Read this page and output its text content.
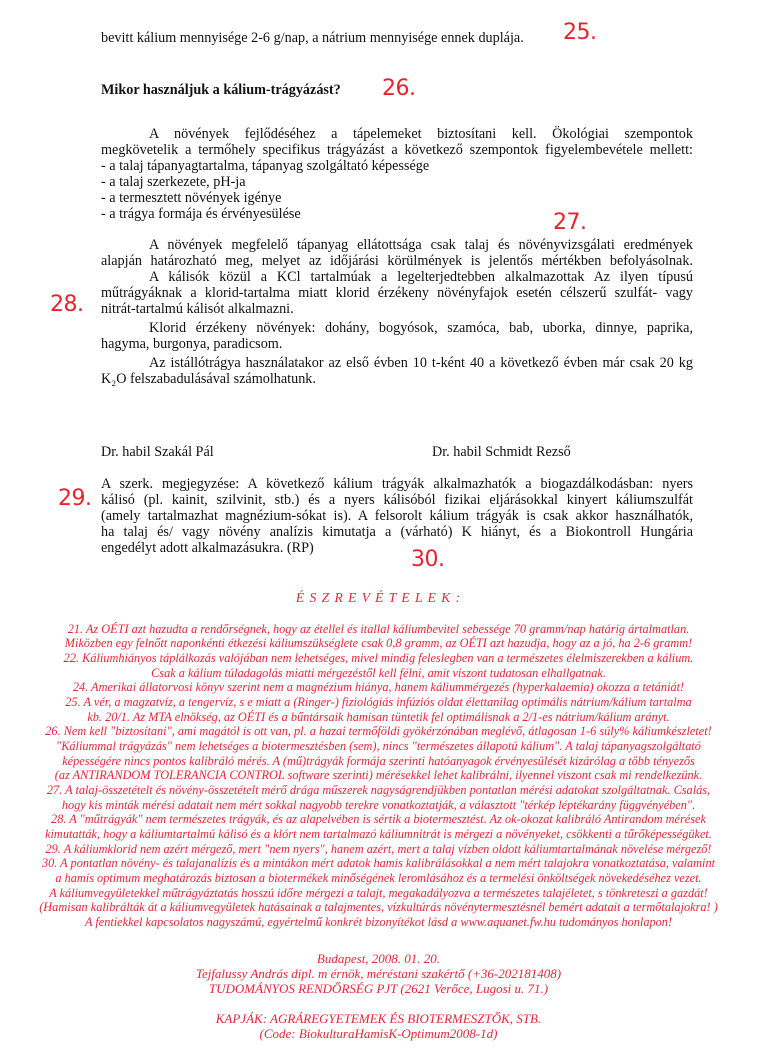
bevitt kálium mennyisége 2-6 g/nap, a nátrium mennyisége ennek duplája. 25.
Mikor használjuk a kálium-trágyázást? 26.
A növények fejlődéséhez a tápelemeket biztosítani kell. Ökológiai szempontok
megkövetelik a termőhely specifikus trágyázást a következő szempontok figyelembevétele mellett:
- a talaj tápanyagtartalma, tápanyag szolgáltató képessége
- a talaj szerkezete, pH-ja
- a termesztett növények igénye
- a trágya formája és érvényesülése	27.
A növények megfelelő tápanyag ellátottsága csak talaj és növényvizsgálati eredmények
alapján határozható meg, melyet az időjárási körülmények is jelentős mértékben befolyásolnak.
A kálisók közül a KCl tartalmúak a legelterjedtebben alkalmazottak Az ilyen típusú
műtrágyáknak a klorid-tartalma miatt klorid érzékeny növényfajok esetén célszerű szulfát- vagy
nitrát-tartalmú kálisót alkalmazni.
Klorid érzékeny növények: dohány, bogyósok, szamóca, bab, uborka, dinnye, paprika,
hagyma, burgonya, paradicsom.
Az istállótrágya használatakor az első évben 10 t-ként 40 a következő évben már csak 20 kg
K₂O felszabadulásával számolhatunk.
28.
Dr. habil Szakál Pál	Dr. habil Schmidt Rezső
A szerk. megjegyzése: A következő kálium trágyák alkalmazhatók a biogazdálkodásban: nyers
kálisó (pl. kainit, szilvinit, stb.) és a nyers kálisóból fizikai eljárásokkal kinyert káliumszulfát
(amely tartalmazhat magnézium-sókat is). A felsorolt kálium trágyák is csak akkor használhatók,
ha talaj és/ vagy növény analízis kimutatja a (várható) K hiányt, és a Biokontroll Hungária
engedélyt adott alkalmazásukra. (RP)
29.
30.
É S Z R E V É T E L E K :
21. Az OÉTI azt hazudta a rendőrségnek, hogy az étellel és itallal káliumbevitel sebessége 70 gramm/nap határig ártalmatlan.
Miközben egy felnőtt naponkénti étkezési káliumszükséglete csak 0,8 gramm, az OÉTI azt hazudja, hogy az a jó, ha 2-6 gramm!
22. Káliumhiányos táplálkozás valójában nem lehetséges, mivel mindig feleslegben van a természetes élelmiszerekben a kálium.
Csak a kálium túladagolás miatti mérgezéstől kell félni, amit viszont tudatosan elhallgatnak.
24. Amerikai állatorvosi könyv szerint nem a magnézium hiánya, hanem káliummérgezés (hyperkalaemia) okozza a tetániát!
25. A vér, a magzatvíz, a tengervíz, s e miatt a (Ringer-) fiziológiás infúziós oldat élettanilag optimális nátrium/kálium tartalma
kb. 20/1. Az MTA elnökség, az OÉTI és a bűntársaik hamisan tüntetik fel optimálisnak a 2/1-es nátrium/kálium arányt.
26. Nem kell "biztosítani", ami magától is ott van, pl. a hazai termőföldi gyökérzónában meglévő, átlagosan 1-6 súly% káliumkészletet!
"Káliummal trágyázás" nem lehetséges a biotermesztésben (sem), nincs "természetes állapotú kálium". A talaj tápanyagszolgáltató
képességére nincs pontos kalibráló mérés. A (mű)trágyák formája szerinti hatóanyagok érvényesülését kizárólag a több tényezős
(az ANTIRANDOM TOLERANCIA CONTROL software szerinti) mérésekkel lehet kalibrálni, ilyennel viszont csak mi rendelkezünk.
27. A talaj-összetételt és növény-összetételt mérő drága műszerek nagyságrendjükben pontatlan mérési adatokat szolgáltatnak. Csalás,
hogy kis minták mérési adatait nem mért sokkal nagyobb terekre vonatkoztatják, a választott "térkép léptékarány függvényében".
28. A "műtrágyák" nem természetes trágyák, és az alapelvében is sértik a biotermesztést. Az ok-okozat kalibráló Antirandom mérések
kimutatták, hogy a káliumtartalmú kálisó és a klórt nem tartalmazó káliumnitrát is mérgezi a növényeket, csökkenti a tűrőképességüket.
29. A káliumklorid nem azért mérgező, mert "nem nyers", hanem azért, mert a talaj vízben oldott káliumtartalmának növelése mérgező!
30. A pontatlan növény- és talajanalízis és a mintákon mért adatok hamis kalibrálásokkal a nem mért talajokra vonatkoztatása, valamint
a hamis optimum meghatározás biztosan a biotermékek minőségének leromlásához és a termelési önköltségek növekedéséhez vezet.
A káliumvegyületekkel műtrágyáztatás hosszú időre mérgezi a talajt, megakadályozva a természetes talajéletet, s tönkreteszi a gazdát!
(Hamisan kalibrálták át a káliumvegyületek hatásainak a talajmentes, vízkultúrás növénytermesztésnél bemért adatait a termőtalajokra! )
A fentiekkel kapcsolatos nagyszámú, egyértelmű konkrét bizonyítékot lásd a www.aquanet.fw.hu tudományos honlapon!
Budapest, 2008. 01. 20.
Tejfalussy András dipl. m érnök, méréstani szakértő (+36-202181408)
TUDOMÁNYOS RENDŐRSÉG PJT (2621 Verőce, Lugosi u. 71.)
KAPJÁK: AGRÁREGYETEMEK ÉS BIOTERMESZTŐK, STB.
(Code: BiokulturaHamisK-Optimum2008-1d)
